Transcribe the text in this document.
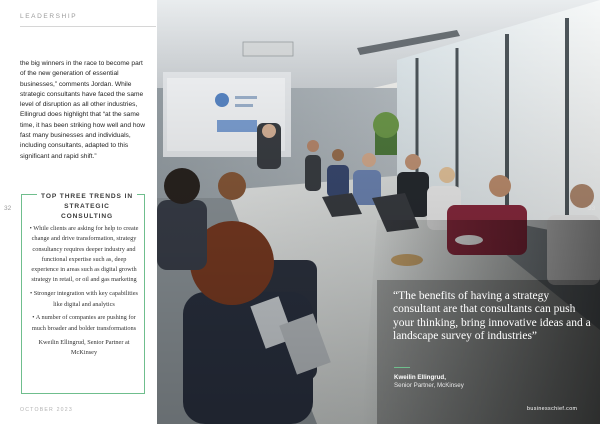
LEADERSHIP

the big winners in the race to become part of the new generation of essential businesses,” comments Jordan. While strategic consultants have faced the same level of disruption as all other industries, Ellingrud does highlight that “at the same time, it has been striking how well and how fast many businesses and individuals, including consultants, adapted to this significant and rapid shift.”

32
TOP THREE TRENDS IN STRATEGIC CONSULTING

• While clients are asking for help to create change and drive transformation, strategy consultancy requires deeper industry and functional expertise such as, deep experience in areas such as digital growth strategy in retail, or oil and gas marketing

• Stronger integration with key capabilities like digital and analytics

• A number of companies are pushing for much broader and bolder transformations

Kweilin Ellingrud, Senior Partner at McKinsey

OCTOBER 2023
33
“The benefits of having a strategy consultant are that consultants can push your thinking, bring innovative ideas and a landscape survey of industries”
Kweilin Ellingrud,
Senior Partner, McKinsey
businesschief.com
